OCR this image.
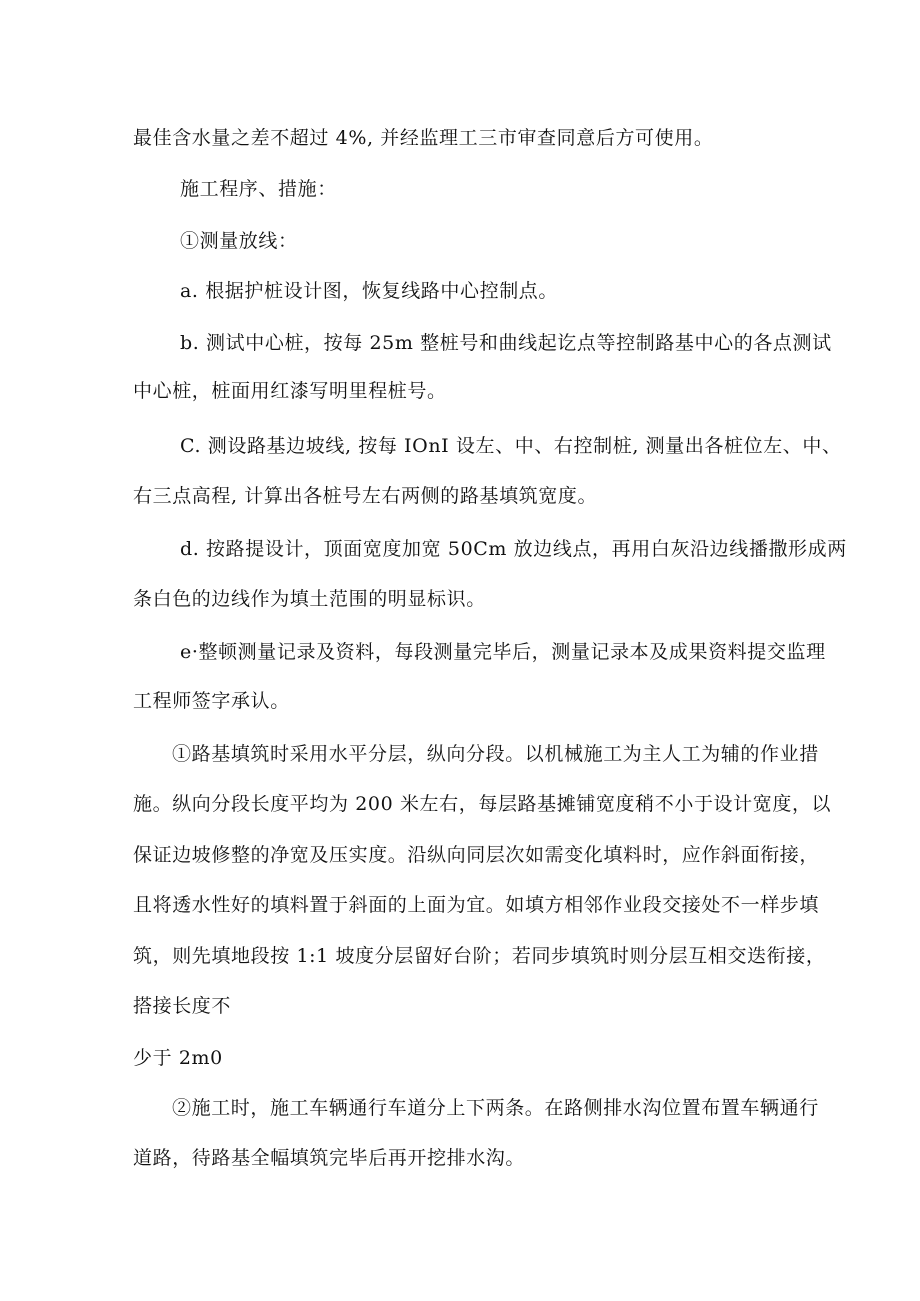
最佳含水量之差不超过 4%, 并经监理工三市审查同意后方可使用。
施工程序、措施：
①测量放线：
a. 根据护桩设计图，恢复线路中心控制点。
b. 测试中心桩，按每 25m 整桩号和曲线起讫点等控制路基中心的各点测试
中心桩，桩面用红漆写明里程桩号。
C. 测设路基边坡线, 按每 IOnI 设左、中、右控制桩, 测量出各桩位左、中、
右三点高程, 计算出各桩号左右两侧的路基填筑宽度。
d. 按路提设计，顶面宽度加宽 50Cm 放边线点，再用白灰沿边线播撒形成两
条白色的边线作为填土范围的明显标识。
e·整顿测量记录及资料，每段测量完毕后，测量记录本及成果资料提交监理
工程师签字承认。
①路基填筑时采用水平分层，纵向分段。以机械施工为主人工为辅的作业措
施。纵向分段长度平均为 200 米左右，每层路基摊铺宽度稍不小于设计宽度，以
保证边坡修整的净宽及压实度。沿纵向同层次如需变化填料时，应作斜面衔接，
且将透水性好的填料置于斜面的上面为宜。如填方相邻作业段交接处不一样步填
筑，则先填地段按 1:1 坡度分层留好台阶；若同步填筑时则分层互相交迭衔接，
搭接长度不
少于 2m0
②施工时，施工车辆通行车道分上下两条。在路侧排水沟位置布置车辆通行
道路，待路基全幅填筑完毕后再开挖排水沟。
